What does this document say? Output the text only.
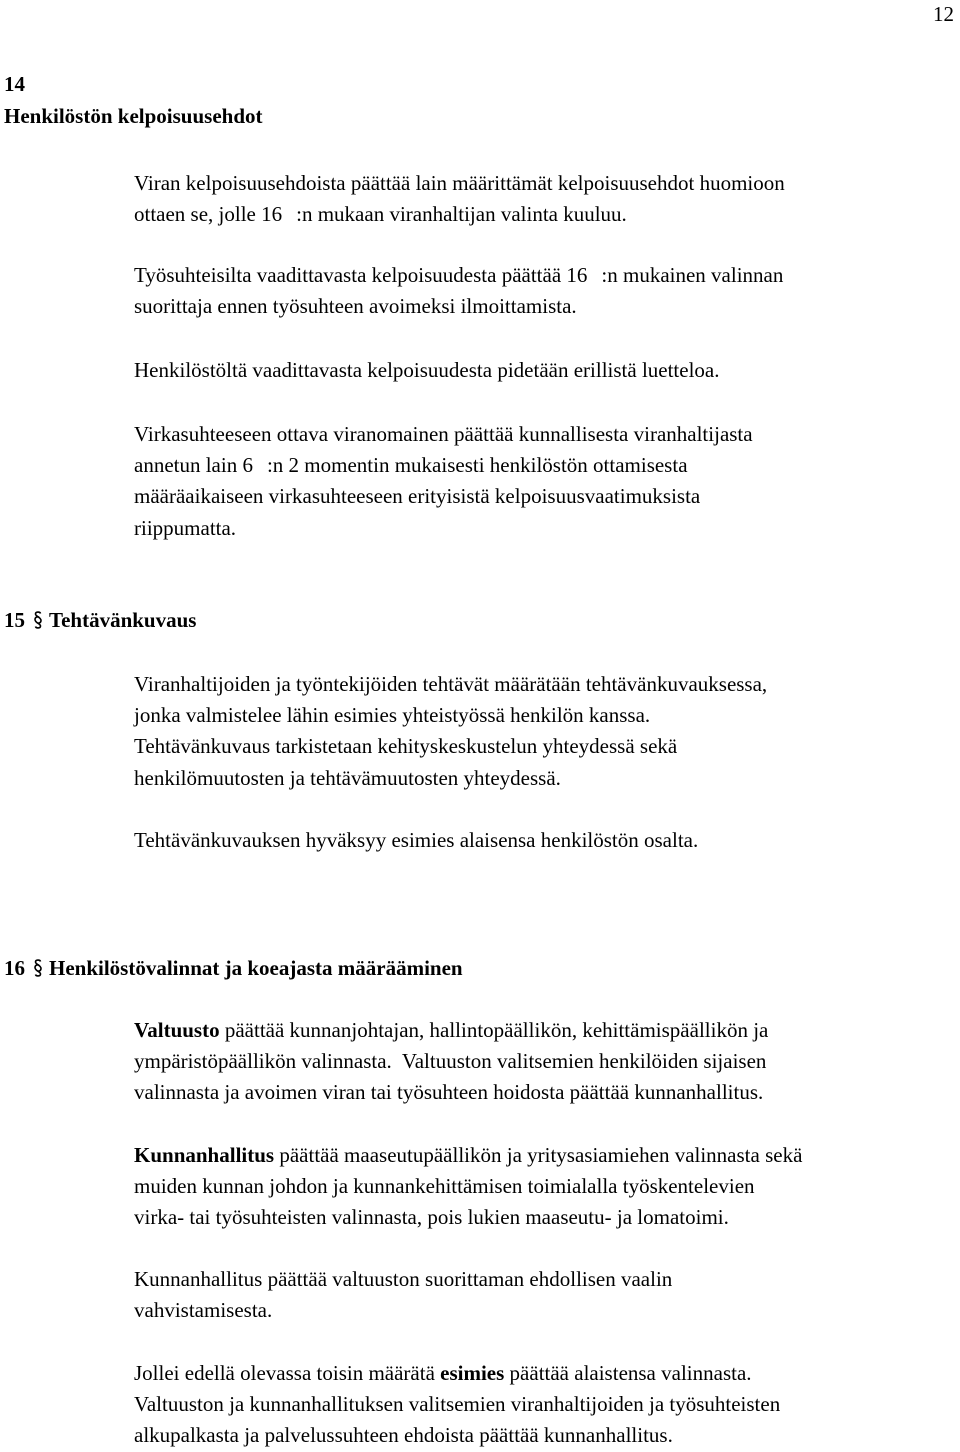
12
14
Henkilöstön kelpoisuusehdot

Viran kelpoisuusehdoista päättää lain määrittämät kelpoisuusehdot huomioon
ottaen se, jolle 16 :n mukaan viranhaltijan valinta kuuluu.

Työsuhteisilta vaadittavasta kelpoisuudesta päättää 16 :n mukainen valinnan
suorittaja ennen työsuhteen avoimeksi ilmoittamista.

Henkilöstöltä vaadittavasta kelpoisuudesta pidetään erillistä luetteloa.

Virkasuhteeseen ottava viranomainen päättää kunnallisesta viranhaltijasta
annetun lain 6 :n 2 momentin mukaisesti henkilöstön ottamisesta
määräaikaiseen virkasuhteeseen erityisistä kelpoisuusvaatimuksista
riippumatta.

15 Tehtävänkuvaus

Viranhaltijoiden ja työntekijöiden tehtävät määrätään tehtävänkuvauksessa,
jonka valmistelee lähin esimies yhteistyössä henkilön kanssa.
Tehtävänkuvaus tarkistetaan kehityskeskustelun yhteydessä sekä
henkilömuutosten ja tehtävämuutosten yhteydessä.

Tehtävänkuvauksen hyväksyy esimies alaisensa henkilöstön osalta.

16 Henkilöstövalinnat ja koeajasta määrääminen

Valtuusto päättää kunnanjohtajan, hallintopäällikön, kehittämispäällikön ja
ympäristöpäällikön valinnasta.  Valtuuston valitsemien henkilöiden sijaisen
valinnasta ja avoimen viran tai työsuhteen hoidosta päättää kunnanhallitus.

Kunnanhallitus päättää maaseutupäällikön ja yritysasiamiehen valinnasta sekä
muiden kunnan johdon ja kunnankehittämisen toimialalla työskentelevien
virka- tai työsuhteisten valinnasta, pois lukien maaseutu- ja lomatoimi.

Kunnanhallitus päättää valtuuston suorittaman ehdollisen vaalin
vahvistamisesta.

Jollei edellä olevassa toisin määrätä esimies päättää alaistensa valinnasta.
Valtuuston ja kunnanhallituksen valitsemien viranhaltijoiden ja työsuhteisten
alkupalkasta ja palvelussuhteen ehdoista päättää kunnanhallitus.
